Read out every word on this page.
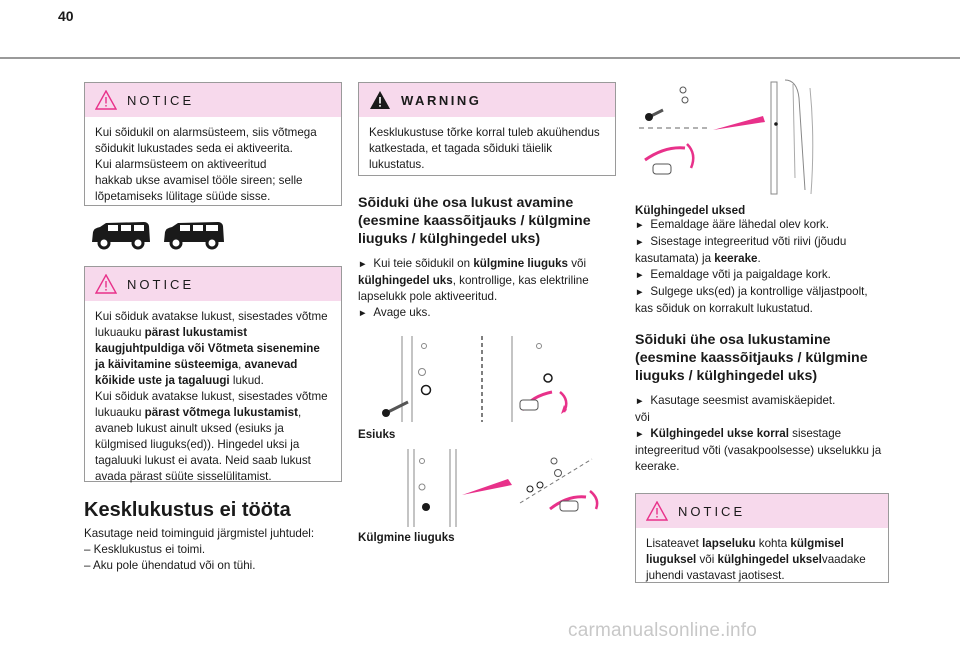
40
NOTICE
Kui sõidukil on alarmsüsteem, siis võtmega
sõidukit lukustades seda ei aktiveerita.
Kui alarmsüsteem on aktiveeritud
hakkab ukse avamisel tööle sireen; selle
lõpetamiseks lülitage süüde sisse.
NOTICE
Kui sõiduk avatakse lukust, sisestades võtme
lukuauku pärast lukustamist
kaugjuhtpuldiga või Võtmeta sisenemine
ja käivitamine süsteemiga, avanevad
kõikide uste ja tagaluugi lukud.
Kui sõiduk avatakse lukust, sisestades võtme
lukuauku pärast võtmega lukustamist,
avaneb lukust ainult uksed (esiuks ja
külgmised liuguks(ed)). Hingedel uksi ja
tagaluuki lukust ei avata. Neid saab lukust
avada pärast süüte sisselülitamist.
Kesklukustus ei tööta
Kasutage neid toiminguid järgmistel juhtudel:
– Kesklukustus ei toimi.
– Aku pole ühendatud või on tühi.
WARNING
Kesklukustuse tõrke korral tuleb akuühendus
katkestada, et tagada sõiduki täielik
lukustatus.
Sõiduki ühe osa lukust avamine
(eesmine kaassõitjauks / külgmine
liuguks / külghingedel uks)
► Kui teie sõidukil on külgmine liuguks või
külghingedel uks, kontrollige, kas elektriline
lapselukk pole aktiveeritud.
► Avage uks.
Esiuks
Külgmine liuguks
Külghingedel uksed
► Eemaldage ääre lähedal olev kork.
► Sisestage integreeritud võti riivi (jõudu
kasutamata) ja keerake.
► Eemaldage võti ja paigaldage kork.
► Sulgege uks(ed) ja kontrollige väljastpoolt,
kas sõiduk on korrakult lukustatud.
Sõiduki ühe osa lukustamine
(eesmine kaassõitjauks / külgmine
liuguks / külghingedel uks)
► Kasutage seesmist avamiskäepidet.
või
► Külghingedel ukse korral sisestage
integreeritud võti (vasakpoolsesse) ukselukku ja
keerake.
NOTICE
Lisateavet lapseluku kohta külgmisel
liuguksel või külghingedel ukselvaadake
juhendi vastavast jaotisest.
carmanualsonline.info
